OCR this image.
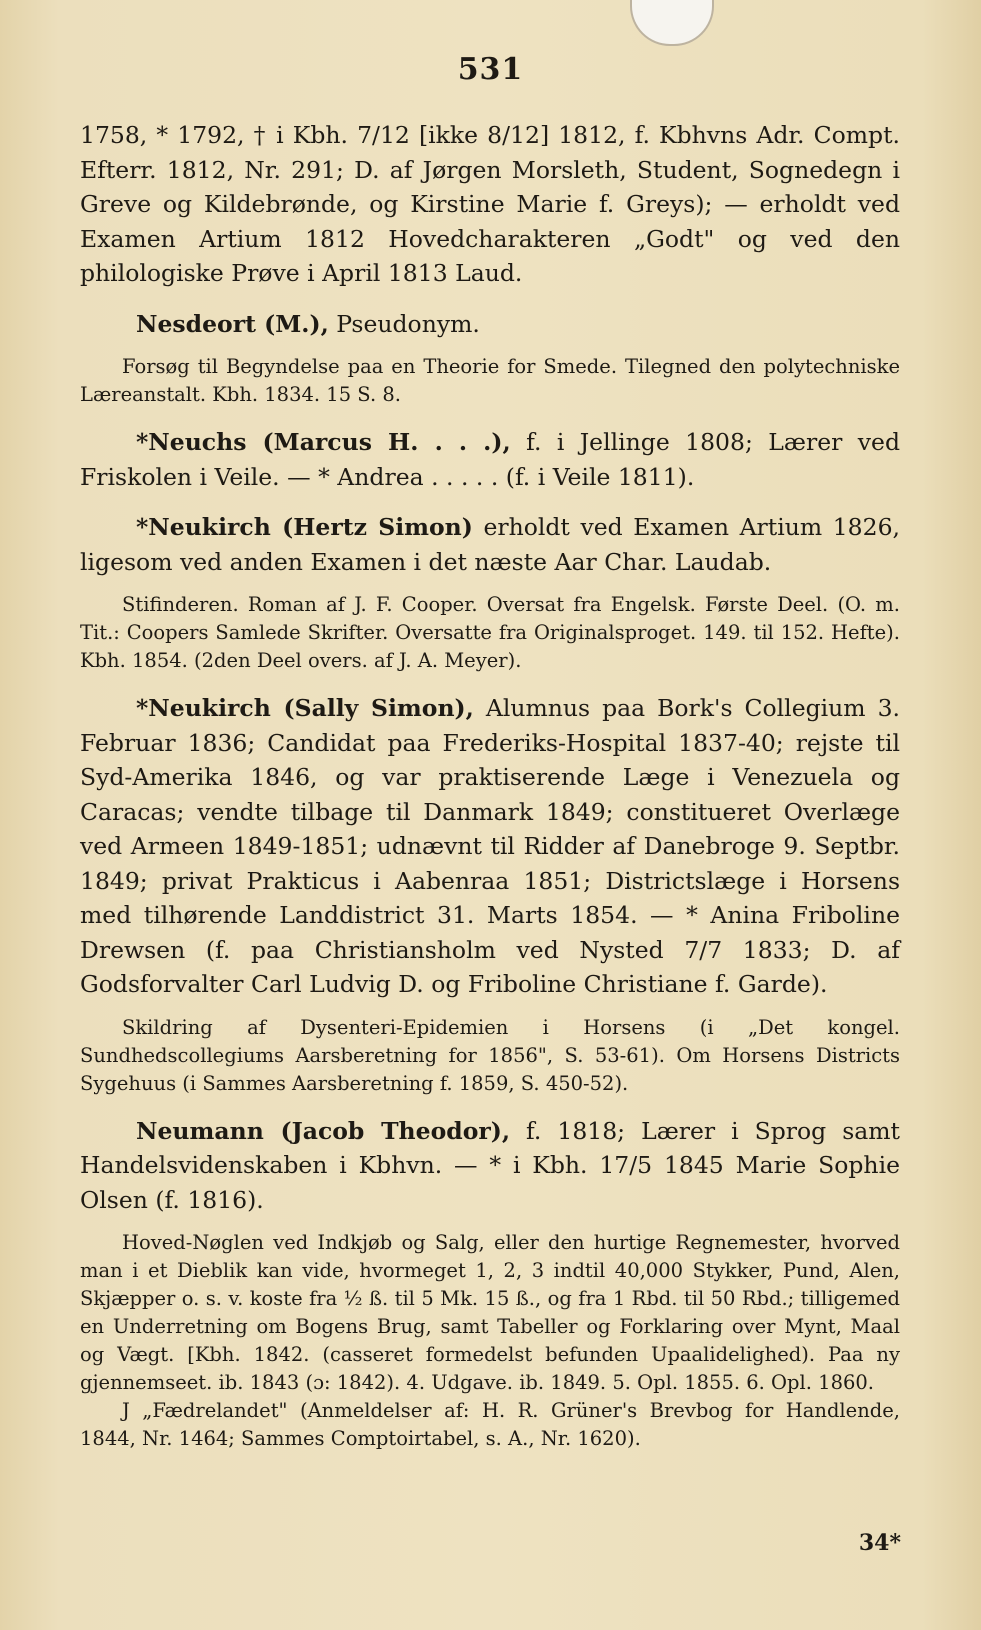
531

1758, * 1792, † i Kbh. 7/12 [ikke 8/12] 1812, f. Kbhvns Adr. Compt. Efterr. 1812, Nr. 291; D. af Jørgen Morsleth, Student, Sognedegn i Greve og Kildebrønde, og Kirstine Marie f. Greys); — erholdt ved Examen Artium 1812 Hovedcharakteren „Godt" og ved den philologiske Prøve i April 1813 Laud.

Nesdeort (M.), Pseudonym.

Forsøg til Begyndelse paa en Theorie for Smede. Tilegned den polytechniske Læreanstalt. Kbh. 1834. 15 S. 8.

*Neuchs (Marcus H. . . .), f. i Jellinge 1808; Lærer ved Friskolen i Veile. — * Andrea . . . . . (f. i Veile 1811).

*Neukirch (Hertz Simon) erholdt ved Examen Artium 1826, ligesom ved anden Examen i det næste Aar Char. Laudab.

Stifinderen. Roman af J. F. Cooper. Oversat fra Engelsk. Første Deel. (O. m. Tit.: Coopers Samlede Skrifter. Oversatte fra Originalsproget. 149. til 152. Hefte). Kbh. 1854. (2den Deel overs. af J. A. Meyer).

*Neukirch (Sally Simon), Alumnus paa Bork's Collegium 3. Februar 1836; Candidat paa Frederiks-Hospital 1837-40; rejste til Syd-Amerika 1846, og var praktiserende Læge i Venezuela og Caracas; vendte tilbage til Danmark 1849; constitueret Overlæge ved Armeen 1849-1851; udnævnt til Ridder af Danebroge 9. Septbr. 1849; privat Prakticus i Aabenraa 1851; Districtslæge i Horsens med tilhørende Landdistrict 31. Marts 1854. — * Anina Friboline Drewsen (f. paa Christiansholm ved Nysted 7/7 1833; D. af Godsforvalter Carl Ludvig D. og Friboline Christiane f. Garde).

Skildring af Dysenteri-Epidemien i Horsens (i „Det kongel. Sundhedscollegiums Aarsberetning for 1856", S. 53-61). Om Horsens Districts Sygehuus (i Sammes Aarsberetning f. 1859, S. 450-52).

Neumann (Jacob Theodor), f. 1818; Lærer i Sprog samt Handelsvidenskaben i Kbhvn. — * i Kbh. 17/5 1845 Marie Sophie Olsen (f. 1816).

Hoved-Nøglen ved Indkjøb og Salg, eller den hurtige Regnemester, hvorved man i et Dieblik kan vide, hvormeget 1, 2, 3 indtil 40,000 Stykker, Pund, Alen, Skjæpper o. s. v. koste fra ½ ß. til 5 Mk. 15 ß., og fra 1 Rbd. til 50 Rbd.; tilligemed en Underretning om Bogens Brug, samt Tabeller og Forklaring over Mynt, Maal og Vægt. [Kbh. 1842. (casseret formedelst befunden Upaalidelighed). Paa ny gjennemseet. ib. 1843 (ɔ: 1842). 4. Udgave. ib. 1849. 5. Opl. 1855. 6. Opl. 1860.

J „Fædrelandet" (Anmeldelser af: H. R. Grüner's Brevbog for Handlende, 1844, Nr. 1464; Sammes Comptoirtabel, s. A., Nr. 1620).

34*
